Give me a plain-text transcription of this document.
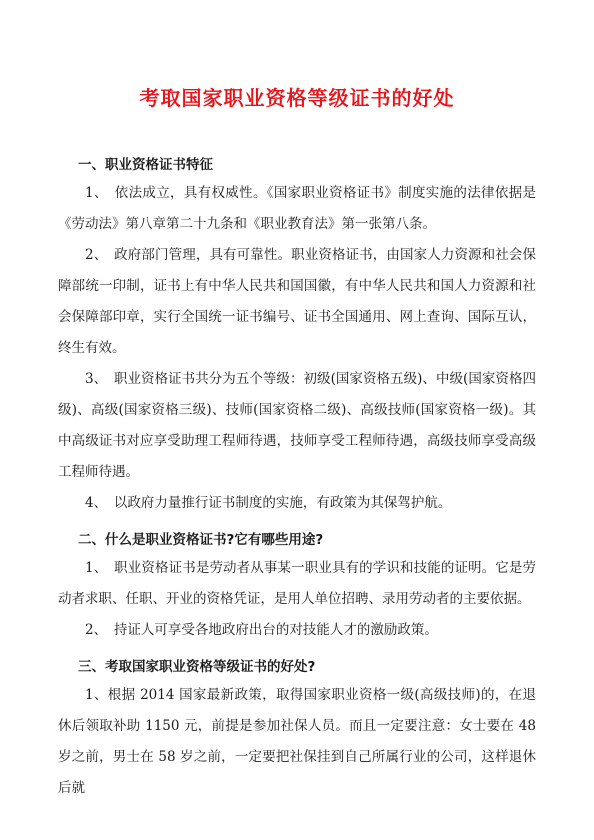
考取国家职业资格等级证书的好处
一、职业资格证书特征
1、　依法成立，具有权威性。《国家职业资格证书》制度实施的法律依据是《劳动法》第八章第二十九条和《职业教育法》第一张第八条。
2、　政府部门管理，具有可靠性。职业资格证书，由国家人力资源和社会保障部统一印制，证书上有中华人民共和国国徽，有中华人民共和国人力资源和社会保障部印章，实行全国统一证书编号、证书全国通用、网上查询、国际互认，终生有效。
3、　职业资格证书共分为五个等级：初级(国家资格五级)、中级(国家资格四级)、高级(国家资格三级)、技师(国家资格二级)、高级技师(国家资格一级)。其中高级证书对应享受助理工程师待遇，技师享受工程师待遇，高级技师享受高级工程师待遇。
4、　以政府力量推行证书制度的实施，有政策为其保驾护航。
二、什么是职业资格证书?它有哪些用途?
1、　职业资格证书是劳动者从事某一职业具有的学识和技能的证明。它是劳动者求职、任职、开业的资格凭证，是用人单位招聘、录用劳动者的主要依据。
2、　持证人可享受各地政府出台的对技能人才的激励政策。
三、考取国家职业资格等级证书的好处?
1、根据 2014 国家最新政策，取得国家职业资格一级(高级技师)的，在退休后领取补助 1150 元，前提是参加社保人员。而且一定要注意：女士要在 48 岁之前，男士在 58 岁之前，一定要把社保挂到自己所属行业的公司，这样退休后就
